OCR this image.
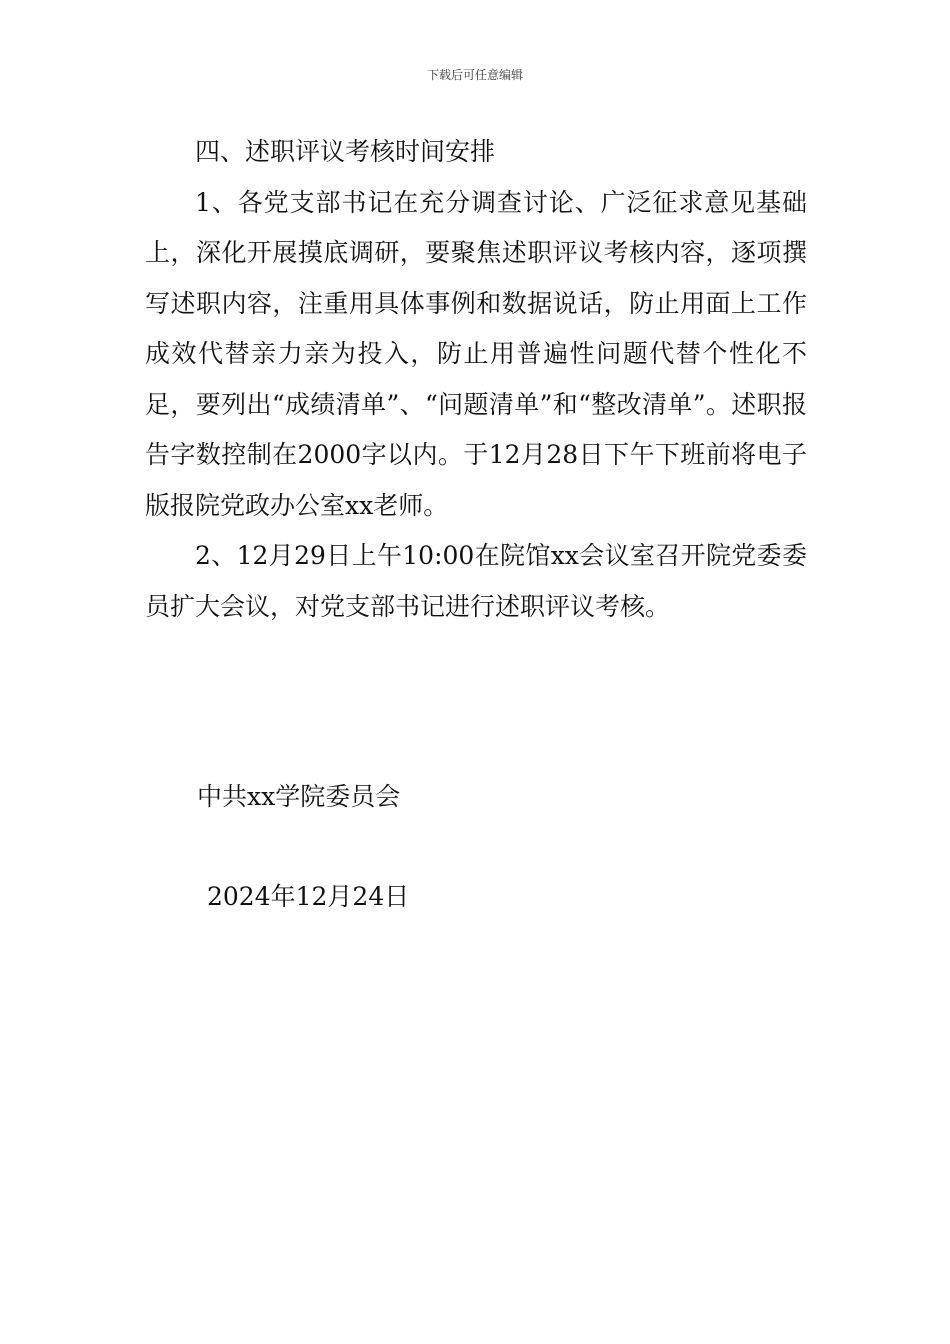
下载后可任意编辑

四、述职评议考核时间安排

1、各党支部书记在充分调查讨论、广泛征求意见基础上，深化开展摸底调研，要聚焦述职评议考核内容，逐项撰写述职内容，注重用具体事例和数据说话，防止用面上工作成效代替亲力亲为投入，防止用普遍性问题代替个性化不足，要列出“成绩清单”、“问题清单”和“整改清单”。述职报告字数控制在2000字以内。于12月28日下午下班前将电子版报院党政办公室xx老师。

2、12月29日上午10:00在院馆xx会议室召开院党委委员扩大会议，对党支部书记进行述职评议考核。

中共xx学院委员会
2024年12月24日
